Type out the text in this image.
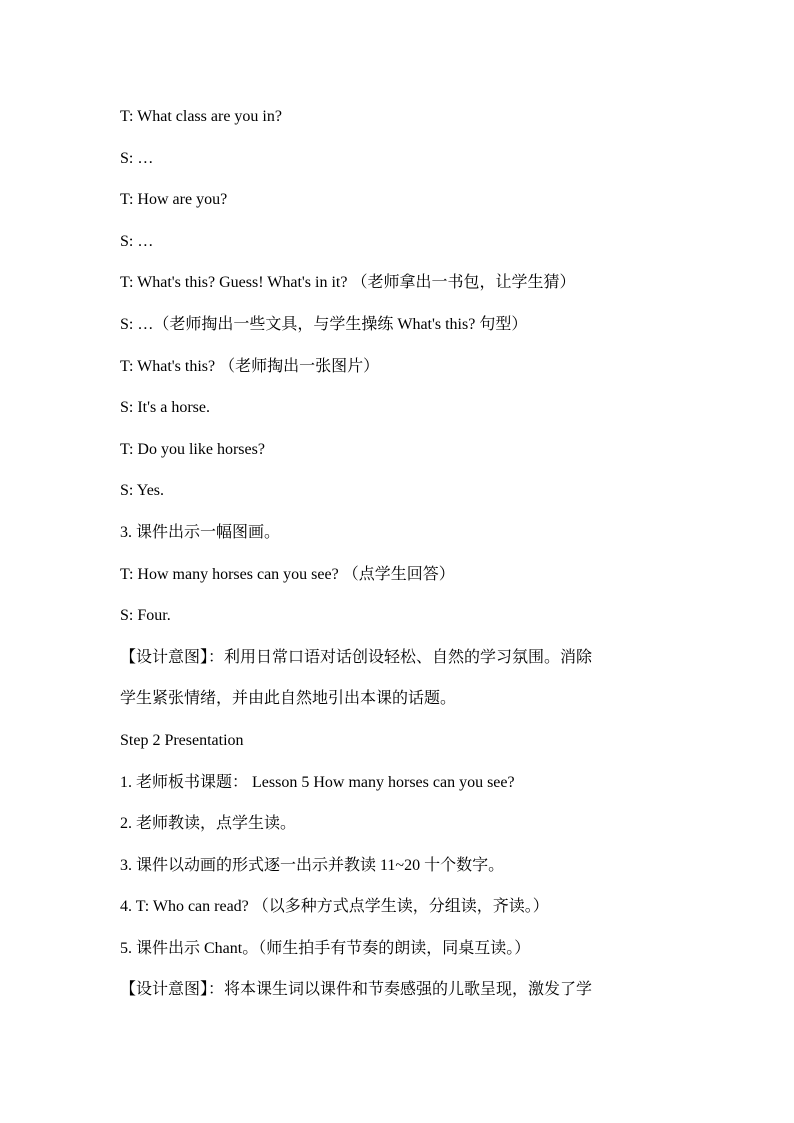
T: What class are you in?
S: …
T: How are you?
S: …
T: What's this? Guess! What's in it? （老师拿出一书包，让学生猜）
S: …（老师掏出一些文具，与学生操练 What's this? 句型）
T: What's this? （老师掏出一张图片）
S: It's a horse.
T: Do you like horses?
S: Yes.
3. 课件出示一幅图画。
T: How many horses can you see? （点学生回答）
S: Four.
【设计意图】：利用日常口语对话创设轻松、自然的学习氛围。消除
学生紧张情绪，并由此自然地引出本课的话题。
Step 2 Presentation
1. 老师板书课题： Lesson 5 How many horses can you see?
2. 老师教读，点学生读。
3. 课件以动画的形式逐一出示并教读 11~20 十个数字。
4. T: Who can read? （以多种方式点学生读，分组读，齐读。）
5. 课件出示 Chant。（师生拍手有节奏的朗读，同桌互读。）
【设计意图】：将本课生词以课件和节奏感强的儿歌呈现，激发了学
